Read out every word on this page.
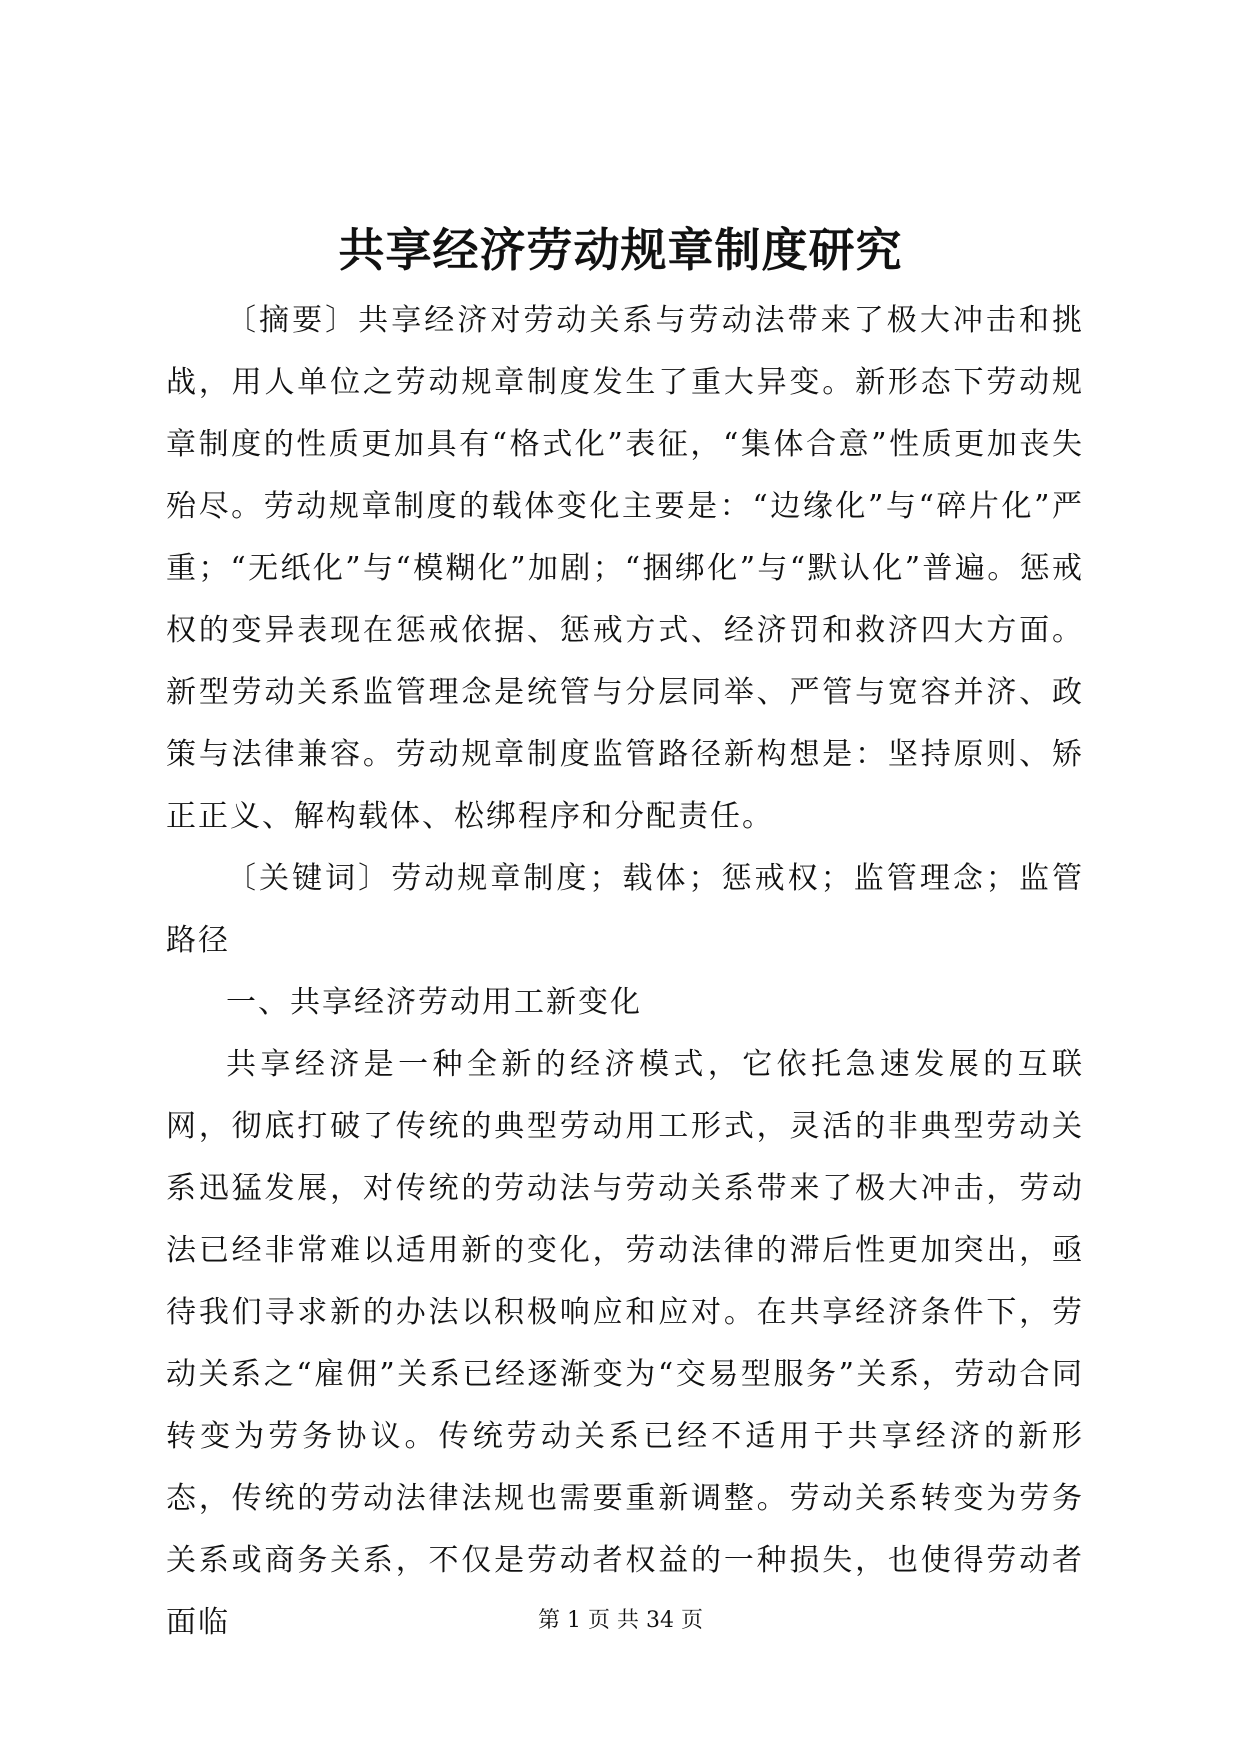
共享经济劳动规章制度研究

〔摘要〕共享经济对劳动关系与劳动法带来了极大冲击和挑战，用人单位之劳动规章制度发生了重大异变。新形态下劳动规章制度的性质更加具有“格式化”表征，“集体合意”性质更加丧失殆尽。劳动规章制度的载体变化主要是：“边缘化”与“碎片化”严重；“无纸化”与“模糊化”加剧；“捆绑化”与“默认化”普遍。惩戒权的变异表现在惩戒依据、惩戒方式、经济罚和救济四大方面。新型劳动关系监管理念是统管与分层同举、严管与宽容并济、政策与法律兼容。劳动规章制度监管路径新构想是：坚持原则、矫正正义、解构载体、松绑程序和分配责任。

〔关键词〕劳动规章制度；载体；惩戒权；监管理念；监管路径

一、共享经济劳动用工新变化

共享经济是一种全新的经济模式，它依托急速发展的互联网，彻底打破了传统的典型劳动用工形式，灵活的非典型劳动关系迅猛发展，对传统的劳动法与劳动关系带来了极大冲击，劳动法已经非常难以适用新的变化，劳动法律的滞后性更加突出，亟待我们寻求新的办法以积极响应和应对。在共享经济条件下，劳动关系之“雇佣”关系已经逐渐变为“交易型服务”关系，劳动合同转变为劳务协议。传统劳动关系已经不适用于共享经济的新形态，传统的劳动法律法规也需要重新调整。劳动关系转变为劳务关系或商务关系，不仅是劳动者权益的一种损失，也使得劳动者面临	第 1 页 共 34 页
